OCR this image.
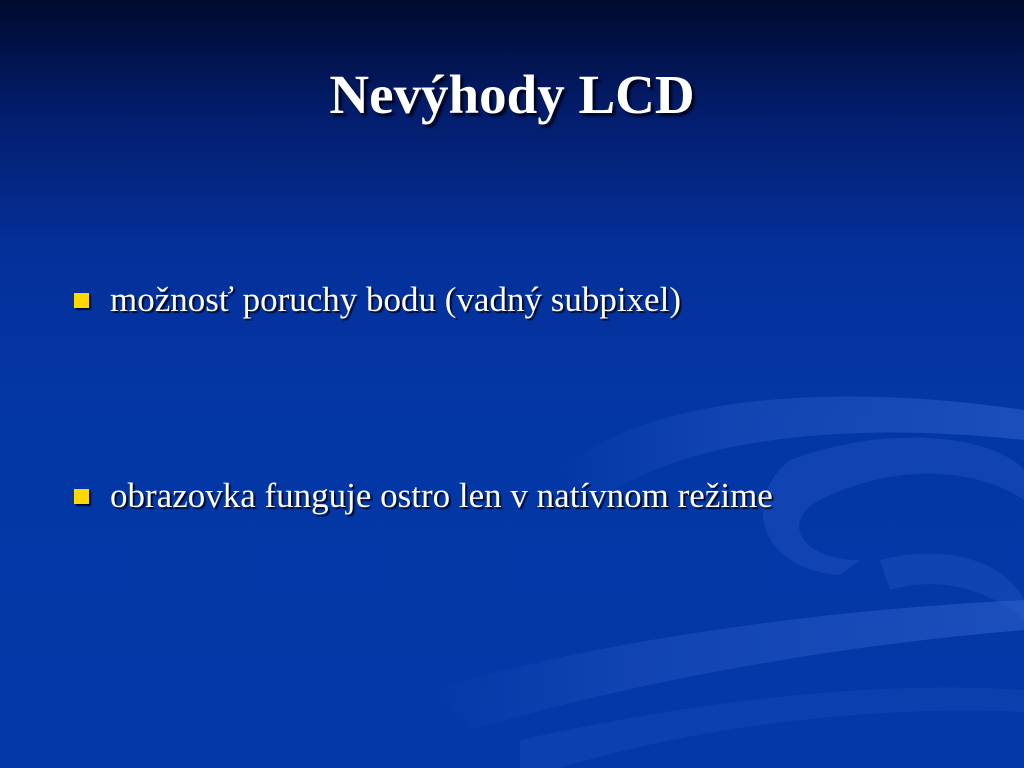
Nevýhody LCD
možnosť poruchy bodu (vadný subpixel)
obrazovka funguje ostro len v natívnom režime
